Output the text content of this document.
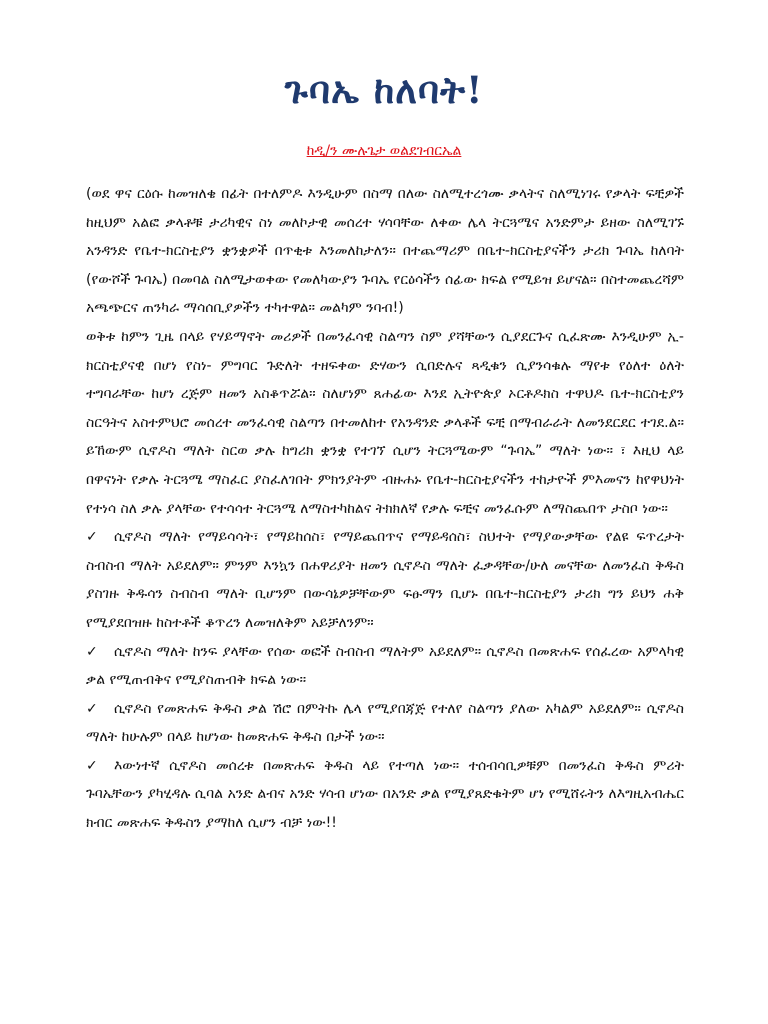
ጉባኤ ከለባት!
ከዲ/ን ሙሉጌታ ወልደገብርኤል

(ወደ ዋና ርዕሱ ከመዝለቄ በፊት በተለምዶ እንዲሁም በስማ በለው ስለሚተረጎሙ ቃላትና ስለሚነገሩ የቃላት ፍቺዎች ከዚህም አልፎ ቃላቶቹ ታሪካዊና ስነ መለኮታዊ መሰረተ ሃሳባቸው ለቀው ሌላ ትርጓሜና አንድምታ ይዘው ስለሚገኙ አንዳንድ የቤተ-ክርስቲያን ቋንቋዎች በጥቂቱ እንመለከታለን። በተጨማሪም በቤተ-ክርስቲያናችን ታሪክ ጉባኤ ከለባት (የውሾች ጉባኤ) በመባል ስለሚታወቀው የመለካውያን ጉባኤ የርዕሳችን ሰፊው ክፍል የሚይዝ ይሆናል። በስተመጨረሻም አጫጭርና ጠንካራ ማሳሰቢያዎችን ተካተዋል። መልካም ንባብ!)

ወቅቱ ከምን ጊዜ በላይ የሃይማኖት መሪዎች በመንፈሳዊ ስልጣን ስም ያሻቸውን ሲያደርጉና ሲፈጽሙ እንዲሁም ኢ-ክርስቲያናዊ በሆነ የስነ- ምግባር ጉድለት ተዘፍቀው ድሃውን ሲበድሉና ጻዲቁን ሲያንሳቁሉ ማየቱ የዕለተ ዕለት ተግባራቸው ከሆነ ረጅም ዘመን አስቆጥሯል። ስለሆነም ጸሐፊው እንደ ኢትዮጵያ ኦርቶዶክስ ተዋህዶ ቤተ-ክርስቲያን ስርዓትና አስተምህሮ መሰረተ መንፈሳዊ ስልጣን በተመለከተ የአንዳንድ ቃላቶች ፍቺ በማብራራት ለመንደርደር ተገደ.ል። ይኸውም ሲኖዶስ ማለት ስርወ ቃሉ ከግሪክ ቋንቋ የተገኘ ሲሆን ትርጓሜውም “ጉባኤ” ማለት ነው። ፣ እዚህ ላይ በዋናነት የቃሉ ትርጓሜ ማስፈር ያስፈለገበት ምክንያትም ብዙሐኑ የቤተ-ክርስቲያናችን ተከታዮች ምእመናን ከየዋህነት የተነሳ ስለ ቃሉ ያላቸው የተሳሳተ ትርጓሜ ለማስተካከልና ትክክለኛ የቃሉ ፍቺና መንፈሱም ለማስጨበጥ ታስቦ ነው።

✓ ሲኖዶስ ማለት የማይሳሳት፣ የማይከሰስ፣ የማይጨበጥና የማይዳሰስ፣ ስህተት የማያውቃቸው የልዩ ፍጥረታት ስብስብ ማለት አይደለም። ምንም እንኳን በሐዋሪያት ዘመን ሲኖዶስ ማለት ፈቃዳቸው/ሁለ መናቸው ለመንፈስ ቅዱስ ያስገዙ ቅዱሳን ስብስብ ማለት ቢሆንም በውሳኔዎቻቸውም ፍፁማን ቢሆኑ በቤተ-ክርስቲያን ታሪክ ግን ይህን ሐቅ የሚያደበዝዙ ከስተቶች ቆጥረን ለመዝለቅም አይቻለንም።

✓ ሲኖዶስ ማለት ከንፍ ያላቸው የሰው ወፎች ስብስብ ማለትም አይደለም። ሲኖዶስ በመጽሐፍ የሰፈረው አምላካዊ ቃል የሚጠብቅና የሚያስጠብቅ ክፍል ነው።

✓ ሲኖዶስ የመጽሐፍ ቅዱስ ቃል ሽሮ በምትኩ ሌላ የሚያበጃጅ የተለየ ስልጣን ያለው አካልም አይደለም። ሲኖዶስ ማለት ከሁሉም በላይ ከሆነው ከመጽሐፍ ቅዱስ በታች ነው።

✓ እውነተኛ ሲኖዶስ መሰረቱ በመጽሐፍ ቅዱስ ላይ የተጣለ ነው። ተሰብሳቢዎቹም በመንፈስ ቅዱስ ምሪት ጉባኤቸውን ያካሂዳሉ ሲባል አንድ ልብና አንድ ሃሳብ ሆነው በአንድ ቃል የሚያጸድቁትም ሆነ የሚሸሩትን ለእግዚአብሔር ክብር መጽሐፍ ቅዱስን ያማከለ ሲሆን ብቻ ነው!!
